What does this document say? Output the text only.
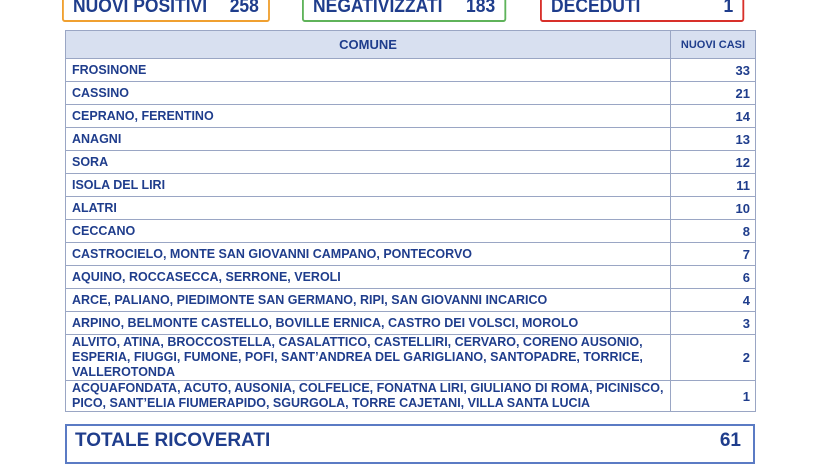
NUOVI POSITIVI 258	NEGATIVIZZATI 183	DECEDUTI	1
COMUNE	NUOVI CASI
FROSINONE	33
CASSINO	21
CEPRANO, FERENTINO	14
ANAGNI	13
SORA	12
ISOLA DEL LIRI	11
ALATRI	10
CECCANO	8
CASTROCIELO, MONTE SAN GIOVANNI CAMPANO, PONTECORVO	7
AQUINO, ROCCASECCA, SERRONE, VEROLI	6
ARCE, PALIANO, PIEDIMONTE SAN GERMANO, RIPI, SAN GIOVANNI INCARICO	4
ARPINO, BELMONTE CASTELLO, BOVILLE ERNICA, CASTRO DEI VOLSCI, MOROLO	3
ALVITO, ATINA, BROCCOSTELLA, CASALATTICO, CASTELLIRI, CERVARO, CORENO AUSONIO, ESPERIA, FIUGGI, FUMONE, POFI, SANT’ANDREA DEL GARIGLIANO, SANTOPADRE, TORRICE, VALLEROTONDA	2
ACQUAFONDATA, ACUTO, AUSONIA, COLFELICE, FONATNA LIRI, GIULIANO DI ROMA, PICINISCO, PICO, SANT’ELIA FIUMERAPIDO, SGURGOLA, TORRE CAJETANI, VILLA SANTA LUCIA	1
TOTALE RICOVERATI	61
